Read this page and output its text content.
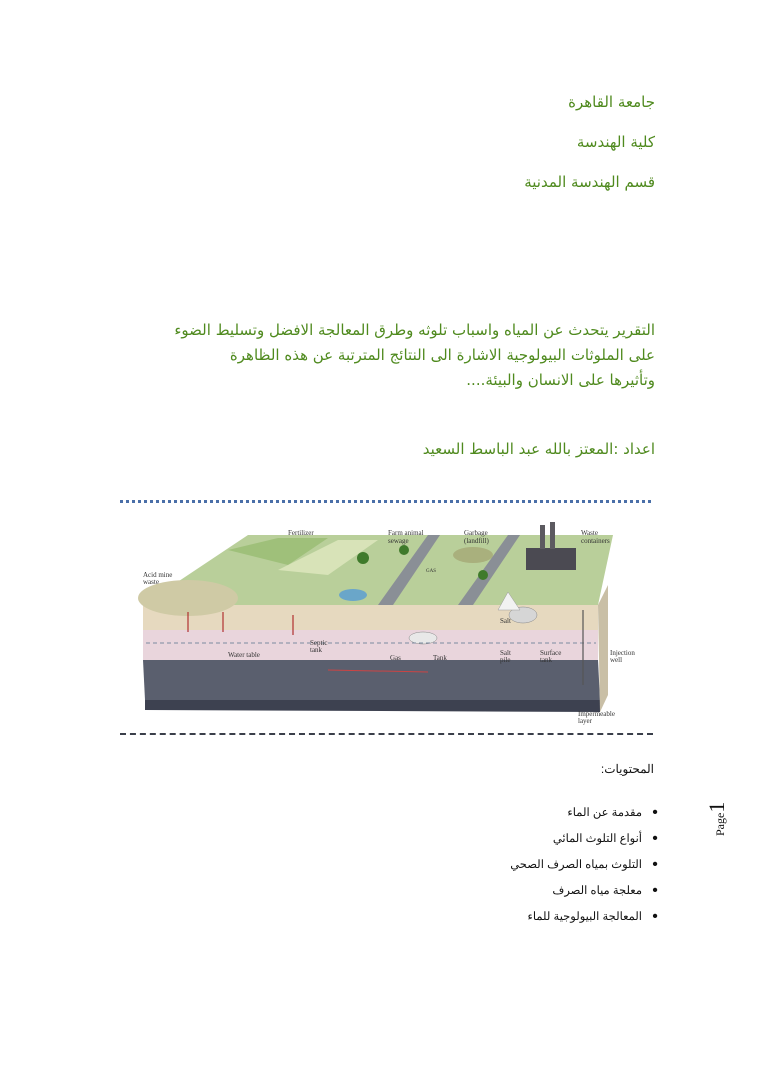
جامعة القاهرة
كلية الهندسة
قسم الهندسة المدنية
التقرير يتحدث عن المياه واسباب تلوثه وطرق المعالجة الافضل وتسليط الضوء
على الملوثات البيولوجية الاشارة الى النتائج المترتبة عن هذه الظاهرة
وتأثيرها على الانسان والبيئة....
اعداد :المعتز بالله عبد الباسط السعيد
Fertilizer	Farm animal
sewage
Garbage
(landfill)
Waste
containers
Acid mine
waste
Water table
Septic
tank
Gas	Tank
Salt
Salt
pile
Surface
tank
Injection
well
Impermeable
layer
GAS
المحتويات:
•
مقدمة عن الماء
•
أنواع التلوث المائي
•
التلوث بمياه الصرف الصحي
•
معلجة مياه الصرف
•
المعالجة البيولوجية للماء
Page1
